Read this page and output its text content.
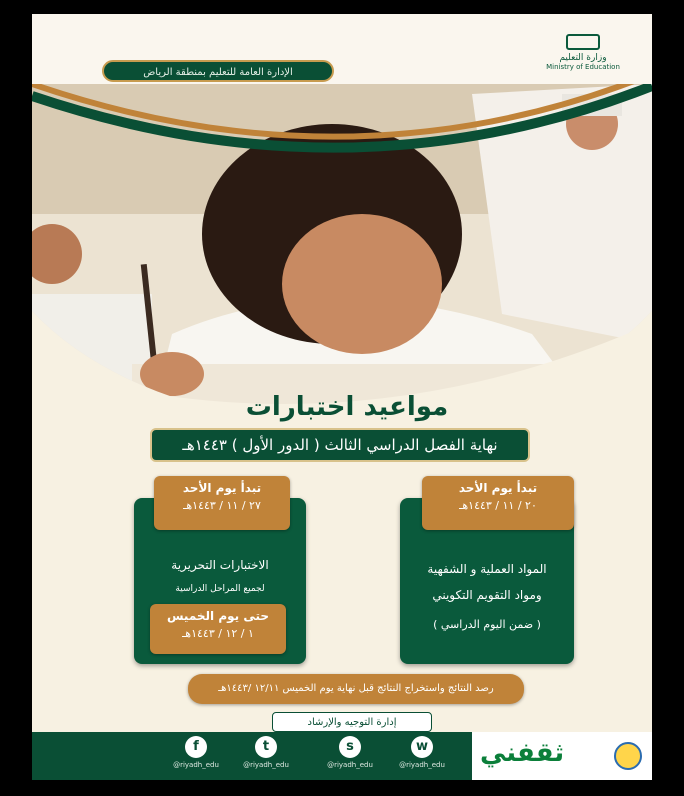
وزارة التعليم
Ministry of Education
الإدارة العامة للتعليم بمنطقة الرياض
مواعيد اختبارات
نهاية الفصل الدراسي الثالث ( الدور الأول ) ١٤٤٣هـ
تبدأ يوم الأحد
٢٠ / ١١ / ١٤٤٣هـ
المواد العملية و الشفهية
ومواد التقويم التكويني
( ضمن اليوم الدراسي )
تبدأ يوم الأحد
٢٧ / ١١ / ١٤٤٣هـ
الاختبارات التحريرية
لجميع المراحل الدراسية
حتى يوم الخميس
١ / ١٢ / ١٤٤٣هـ
رصد النتائج واستخراج النتائج قبل نهاية يوم الخميس ١٢/١١ /١٤٤٣هـ
إدارة التوجيه والإرشاد
f
@riyadh_edu
t
@riyadh_edu
s
@riyadh_edu
w
@riyadh_edu ثقفني
